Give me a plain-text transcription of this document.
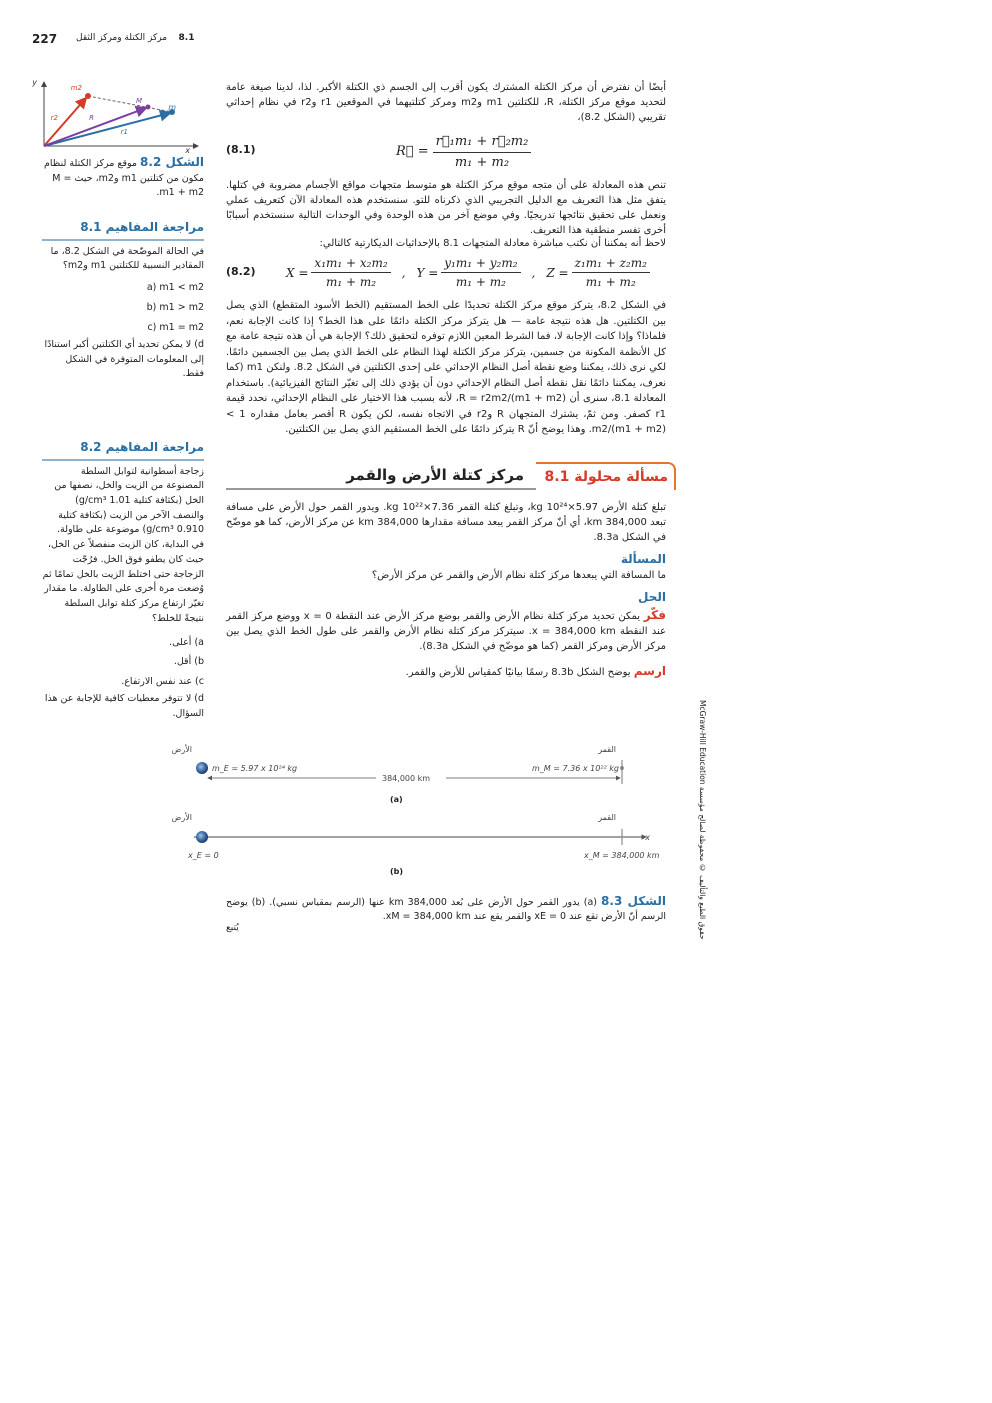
227	8.1    مركز الكتلة ومركز الثقل
y
x
m2
m
M
r2	R
r1
الشكل 8.2 موقع مركز الكتلة لنظام مكون من كتلتين m1 وm2، حيث M = m1 + m2.
مراجعة المفاهيم 8.1
في الحالة الموضّحة في الشكل 8.2، ما المقادير النسبية للكتلتين m1 وm2؟
a) m1 < m2
b) m1 > m2
c) m1 = m2
d) لا يمكن تحديد أي الكتلتين أكبر استنادًا إلى المعلومات المتوفرة في الشكل فقط.
مراجعة المفاهيم 8.2
زجاجة أسطوانية لتوابل السلطة المصنوعة من الزيت والخل، نصفها من الخل (بكثافة كتلية 1.01 g/cm³) والنصف الآخر من الزيت (بكثافة كتلية 0.910 g/cm³) موضوعة على طاولة. في البداية، كان الزيت منفصلاً عن الخل، حيث كان يطفو فوق الخل. فرُجّت الزجاجة حتى اختلط الزيت بالخل تمامًا ثم وُضعت مرة أخرى على الطاولة. ما مقدار تغيّر ارتفاع مركز كتلة توابل السلطة نتيجةً للخلط؟
a) أعلى.
b) أقل.
c) عند نفس الارتفاع.
d) لا تتوفر معطيات كافية للإجابة عن هذا السؤال.
أيضًا أن نفترض أن مركز الكتلة المشترك يكون أقرب إلى الجسم ذي الكتلة الأكبر. لذا، لدينا صيغة عامة لتحديد موقع مركز الكتلة، R، للكتلتين m1 وm2 ومركز كتلتيهما في الموقعين r1 وr2 في نظام إحداثي تقريبي (الشكل 8.2)،
(8.1)	R⃗ = $\frac{\text{r⃗₁m₁ + r⃗₂m₂}}{\text{m₁ + m₂}}$
تنص هذه المعادلة على أن متجه موقع مركز الكتلة هو متوسط متجهات مواقع الأجسام مضروبة في كتلها. يتفق مثل هذا التعريف مع الدليل التجريبي الذي ذكرناه للتو. سنستخدم هذه المعادلة الآن كتعريف عملي ونعمل على تحقيق نتائجها تدريجيًا. وفي موضع آخر من هذه الوحدة وفي الوحدات التالية سنستخدم أسبابًا أخرى تفسر منطقية هذا التعريف.
لاحظ أنه يمكننا أن نكتب مباشرة معادلة المتجهات 8.1 بالإحداثيات الديكارتية كالتالي:
(8.2)	$X = \frac{\text{x₁m₁ + x₂m₂}}{\text{m₁ + m₂}}$ , $Y = \frac{\text{y₁m₁ + y₂m₂}}{\text{m₁ + m₂}}$ , $Z = \frac{\text{z₁m₁ + z₂m₂}}{\text{m₁ + m₂}}$
في الشكل 8.2، يتركز موقع مركز الكتلة تحديدًا على الخط المستقيم (الخط الأسود المتقطع) الذي يصل بين الكتلتين. هل هذه نتيجة عامة — هل يتركز مركز الكتلة دائمًا على هذا الخط؟ إذا كانت الإجابة نعم، فلماذا؟ وإذا كانت الإجابة لا، فما الشرط المعين اللازم توفره لتحقيق ذلك؟ الإجابة هي أن هذه نتيجة عامة مع كل الأنظمة المكونة من جسمين، يتركز مركز الكتلة لهذا النظام على الخط الذي يصل بين الجسمين دائمًا. لكي نرى ذلك، يمكننا وضع نقطة أصل النظام الإحداثي على إحدى الكتلتين في الشكل 8.2. ولنكن m1 (كما نعرف، يمكننا دائمًا نقل نقطة أصل النظام الإحداثي دون أن يؤدي ذلك إلى تغيّر النتائج الفيزيائية). باستخدام المعادلة 8.1، سنرى أن R = r2m2/(m1 + m2)، لأنه بسبب هذا الاختيار على النظام الإحداثي، نحدد قيمة r1 كصفر. ومن ثمّ، يشترك المتجهان R وr2 في الاتجاه نفسه، لكن يكون R أقصر بعامل مقداره 1 > m2/(m1 + m2). وهذا يوضح أنّ R يتركز دائمًا على الخط المستقيم الذي يصل بين الكتلتين.
مركز كتلة الأرض والقمر مسألة محلولة 8.1
تبلغ كتلة الأرض 5.97×10²⁴ kg، وتبلغ كتلة القمر 7.36×10²² kg. ويدور القمر حول الأرض على مسافة تبعد 384,000 km، أي أنّ مركز القمر يبعد مسافة مقدارها 384,000 km عن مركز الأرض، كما هو موضّح في الشكل 8.3a.
المسألة
ما المسافة التي يبعدها مركز كتلة نظام الأرض والقمر عن مركز الأرض؟
الحل
فكّر يمكن تحديد مركز كتلة نظام الأرض والقمر بوضع مركز الأرض عند النقطة x = 0 ووضع مركز القمر عند النقطة x = 384,000 km. سيتركز مركز كتلة نظام الأرض والقمر على طول الخط الذي يصل بين مركز الأرض ومركز القمر (كما هو موضّح في الشكل 8.3a).
ارسم يوضح الشكل 8.3b رسمًا بيانيًا كمقياس للأرض والقمر.
حقوق الطبع والتأليف © محفوظة لصالح مؤسسة McGraw-Hill Education
الأرض	القمر
m_E = 5.97 x 10²⁴ kg	m_M = 7.36 x 10²² kg
384,000 km
(a)
الأرض	القمر
x
x_E = 0	x_M = 384,000 km
(b)
الشكل 8.3 (a) يدور القمر حول الأرض على بُعد 384,000 km عنها (الرسم بمقياس نسبي). (b) يوضح الرسم أنّ الأرض تقع عند xE = 0 والقمر يقع عند xM = 384,000 km.
يُتبع
